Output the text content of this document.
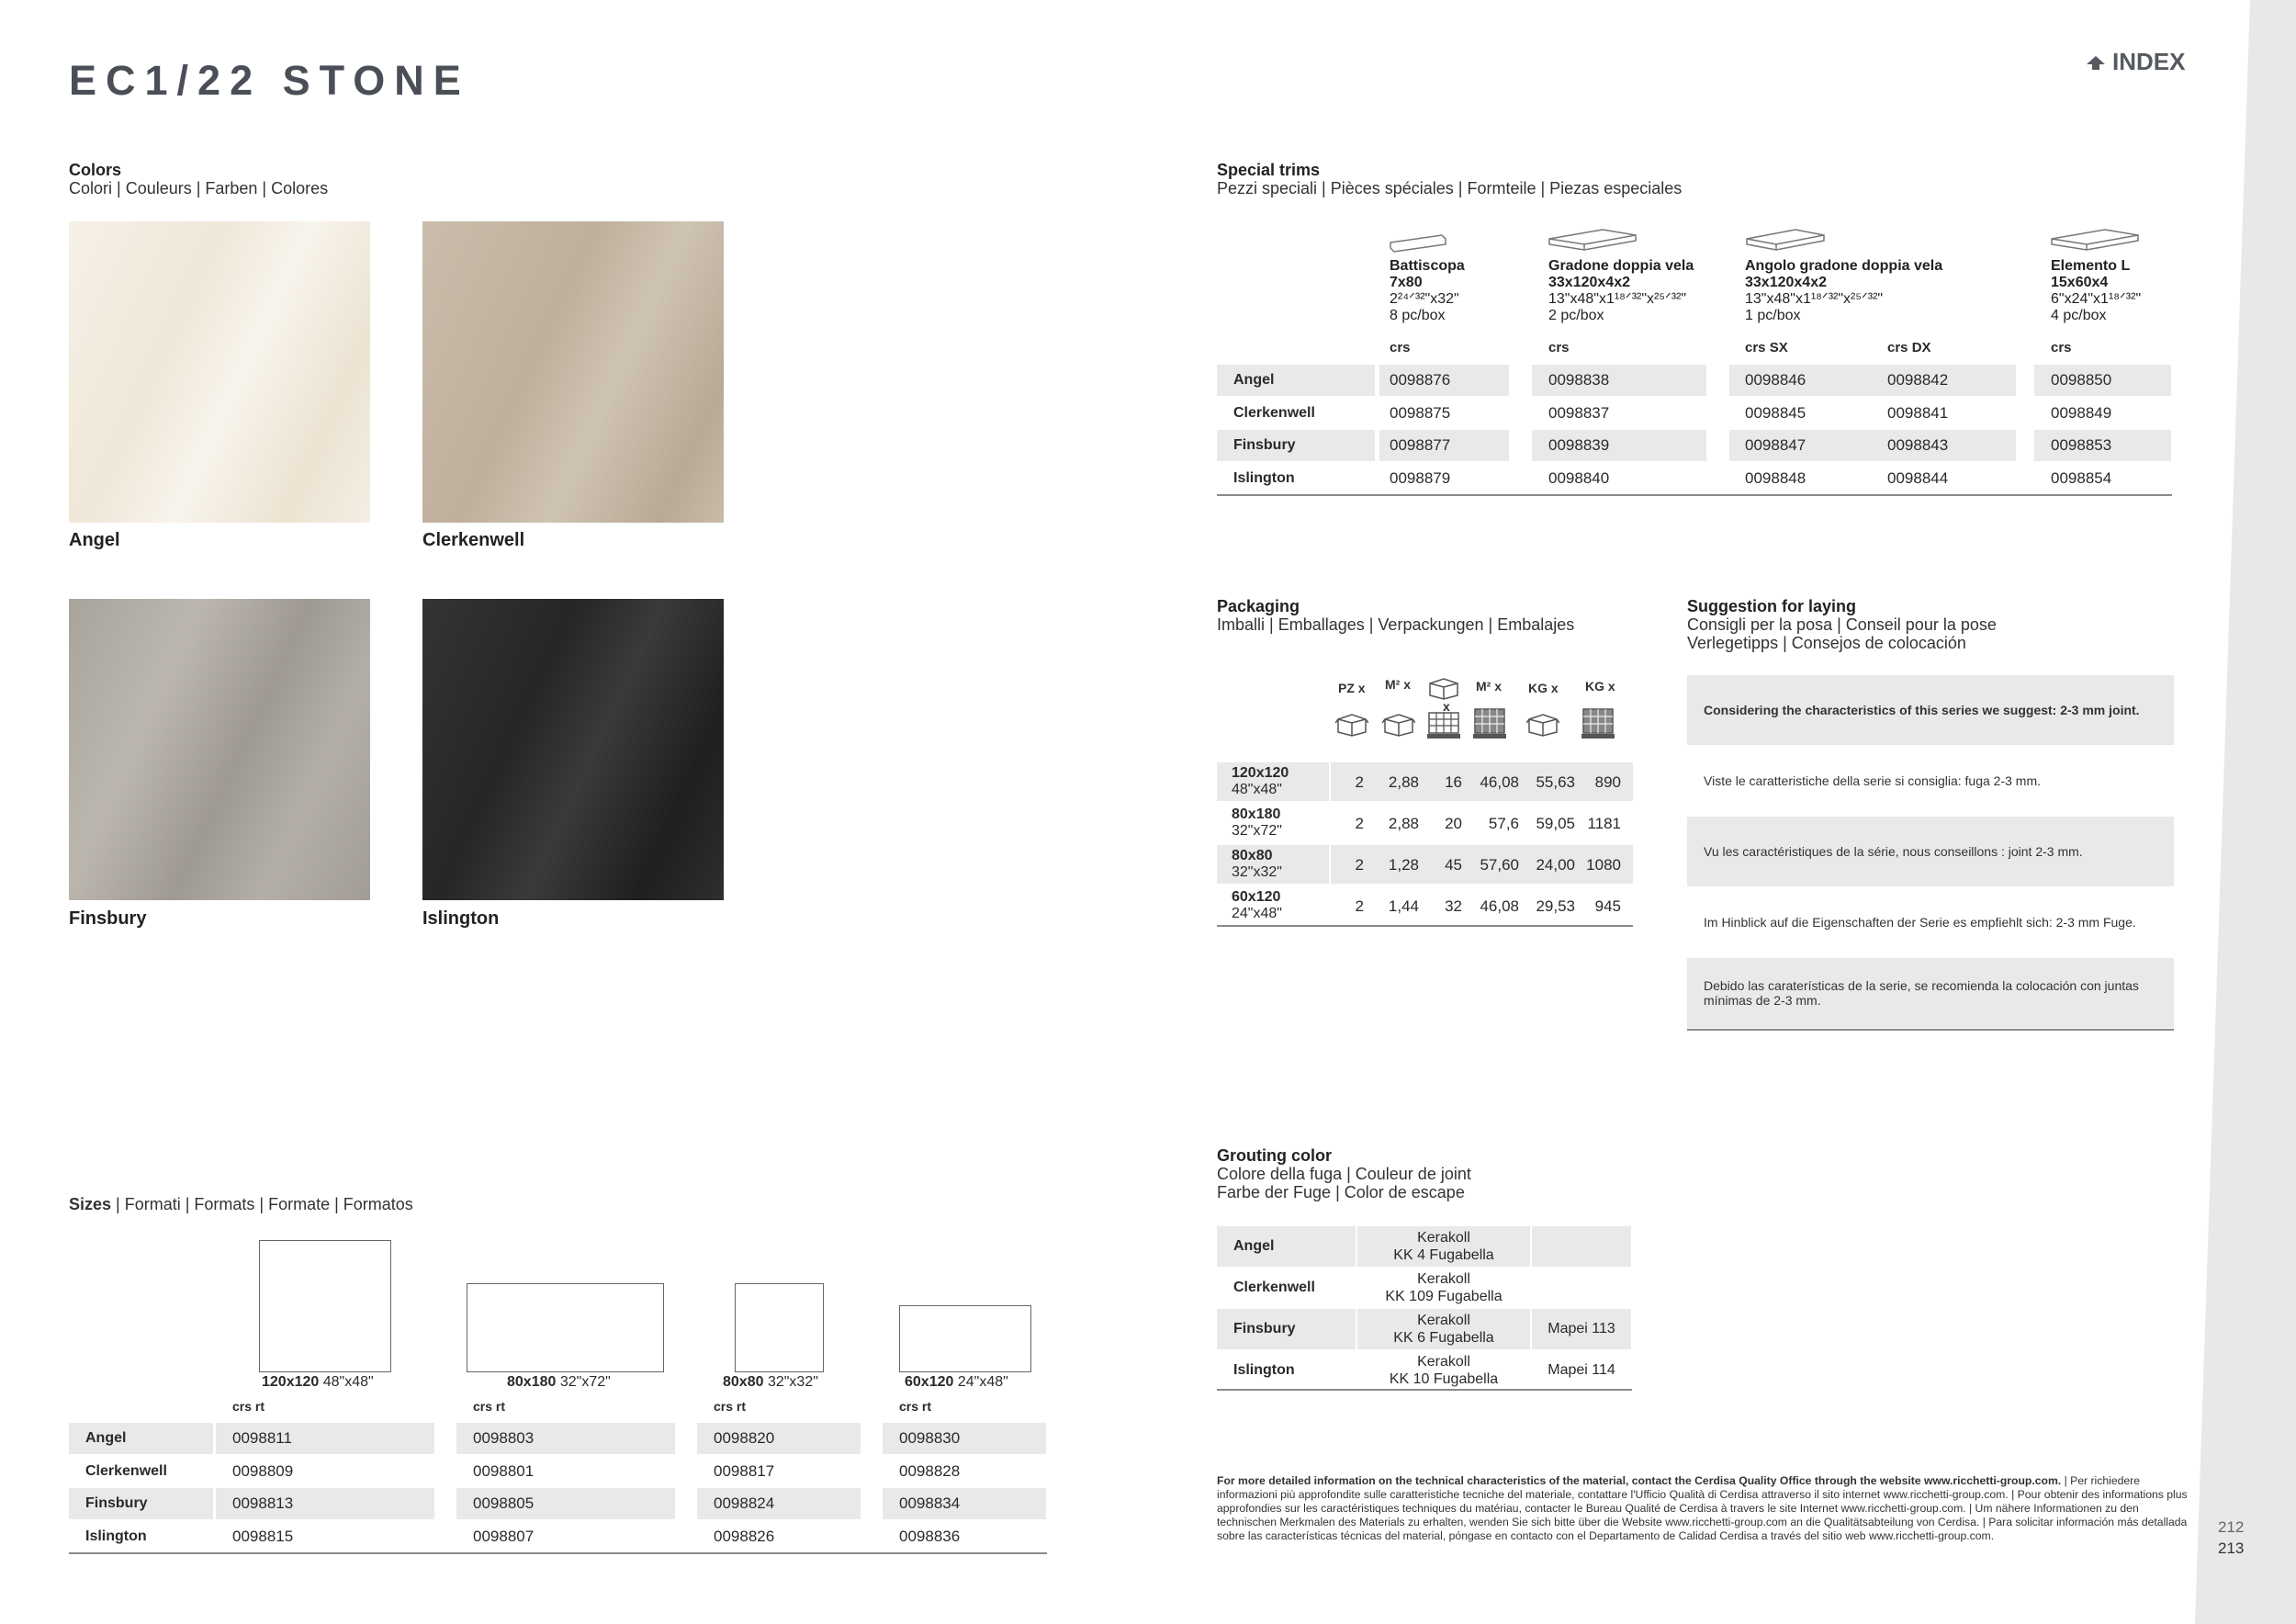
EC1/22 STONE	INDEX
Colors
Colori | Couleurs | Farben | Colores
Angel	Clerkenwell
Finsbury	Islington
Special trims
Pezzi speciali | Pièces spéciales | Formteile | Piezas especiales
Battiscopa
7x80
2²⁴ᐟ³²"x32"
8 pc/box
Gradone doppia vela
33x120x4x2
13"x48"x1¹⁸ᐟ³²"x²⁵ᐟ³²"
2 pc/box
Angolo gradone doppia vela
33x120x4x2
13"x48"x1¹⁸ᐟ³²"x²⁵ᐟ³²"
1 pc/box
Elemento L
15x60x4
6"x24"x1¹⁸ᐟ³²"
4 pc/box
crs	crs	crs SX	crs DX	crs
Angel	0098876	0098838	0098846	0098842	0098850
Clerkenwell	0098875	0098837	0098845	0098841	0098849
Finsbury	0098877	0098839	0098847	0098843	0098853
Islington	0098879	0098840	0098848	0098844	0098854
Packaging
Imballi | Emballages | Verpackungen | Embalajes
PZ x M² x
x
M² x KG x KG x
120x120
48"x48"	2	2,88	16	46,08	55,63	890
80x180
32"x72"	2	2,88	20	57,6	59,05 1181
80x80
32"x32"	2	1,28	45	57,60	24,00 1080
60x120
24"x48"	2	1,44	32	46,08	29,53	945
Suggestion for laying
Consigli per la posa | Conseil pour la pose
Verlegetipps | Consejos de colocación
Considering the characteristics of this series we suggest: 2-3 mm joint.
Viste le caratteristiche della serie si consiglia: fuga 2-3 mm.
Vu les caractéristiques de la série, nous conseillons : joint 2-3 mm.
Im Hinblick auf die Eigenschaften der Serie es empfiehlt sich: 2-3 mm Fuge.
Debido las caraterísticas de la serie, se recomienda la colocación con juntas mínimas de 2-3 mm.
Grouting color
Colore della fuga | Couleur de joint
Farbe der Fuge | Color de escape
Angel
Kerakoll
KK 4 Fugabella
Clerkenwell
Kerakoll
KK 109 Fugabella
Finsbury
Kerakoll
KK 6 Fugabella
Mapei 113
Islington
Kerakoll
KK 10 Fugabella
Mapei 114
Sizes | Formati | Formats | Formate | Formatos
120x120 48"x48"	80x180 32"x72"	80x80 32"x32"	60x120 24"x48"
crs rt	crs rt	crs rt	crs rt
Angel	0098811	0098803	0098820	0098830
Clerkenwell	0098809	0098801	0098817	0098828
Finsbury	0098813	0098805	0098824	0098834
Islington	0098815	0098807	0098826	0098836
For more detailed information on the technical characteristics of the material, contact the Cerdisa Quality Office through the website www.ricchetti-group.com. | Per richiedere informazioni più approfondite sulle caratteristiche tecniche del materiale, contattare l'Ufficio Qualità di Cerdisa attraverso il sito internet www.ricchetti-group.com. | Pour obtenir des informations plus approfondies sur les caractéristiques techniques du matériau, contacter le Bureau Qualité de Cerdisa à travers le site Internet www.ricchetti-group.com. | Um nähere Informationen zu den technischen Merkmalen des Materials zu erhalten, wenden Sie sich bitte über die Website www.ricchetti-group.com an die Qualitätsabteilung von Cerdisa. | Para solicitar información más detallada sobre las características técnicas del material, póngase en contacto con el Departamento de Calidad Cerdisa a través del sitio web www.ricchetti-group.com.	212
213
